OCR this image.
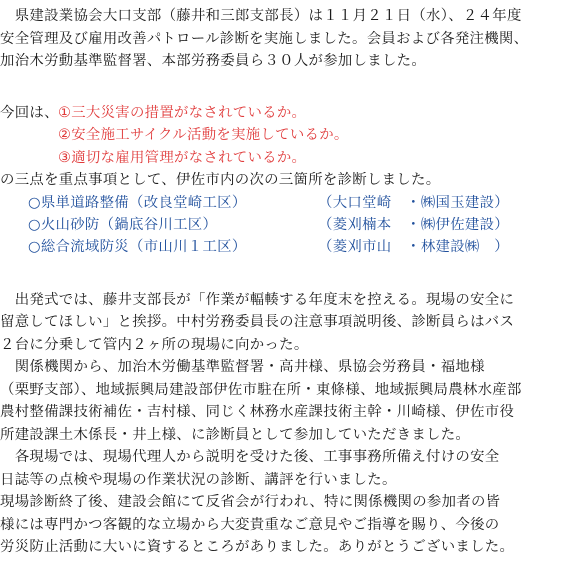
　県建設業協会大口支部（藤井和三郎支部長）は１１月２１日（水）、２４年度
安全管理及び雇用改善パトロール診断を実施しました。会員および各発注機関、
加治木労動基準監督署、本部労務委員ら３０人が参加しました。
今回は、 ①三大災害の措置がなされているか。
②安全施工サイクル活動を実施しているか。
③適切な雇用管理がなされているか。
の三点を重点事項として、伊佐市内の次の三箇所を診断しました。
○県単道路整備（改良堂崎工区）	（大口堂崎　・㈱国玉建設）
○火山砂防（鍋底谷川工区）	（菱刈楠本　・㈱伊佐建設）
○総合流域防災（市山川１工区）	（菱刈市山　・林建設㈱　）
　出発式では、藤井支部長が「作業が輻輳する年度末を控える。現場の安全に
留意してほしい」と挨拶。中村労務委員長の注意事項説明後、診断員らはバス
２台に分乗して管内２ヶ所の現場に向かった。
　関係機関から、加治木労働基準監督署・高井様、県協会労務員・福地様
（栗野支部）、地域振興局建設部伊佐市駐在所・東條様、地域振興局農林水産部
農村整備課技術補佐・吉村様、同じく林務水産課技術主幹・川崎様、伊佐市役
所建設課土木係長・井上様、に診断員として参加していただきました。
　各現場では、現場代理人から説明を受けた後、工事事務所備え付けの安全
日誌等の点検や現場の作業状況の診断、講評を行いました。
現場診断終了後、建設会館にて反省会が行われ、特に関係機関の参加者の皆
様には専門かつ客観的な立場から大変貴重なご意見やご指導を賜り、今後の
労災防止活動に大いに資するところがありました。ありがとうございました。
